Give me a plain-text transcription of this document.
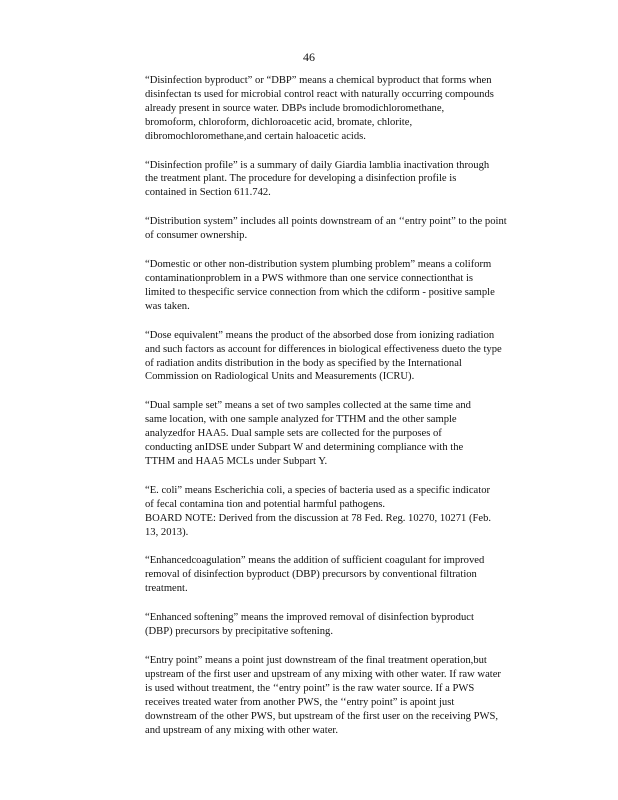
46
“Disinfection byproduct” or “DBP” means a chemical byproduct that forms when
disinfectan ts used for microbial control react with naturally occurring compounds
already present in source water. DBPs include bromodichloromethane,
bromoform, chloroform, dichloroacetic acid, bromate, chlorite,
dibromochloromethane,and certain haloacetic acids.
“Disinfection profile” is a summary of daily Giardia lamblia inactivation through
the treatment plant. The procedure for developing a disinfection profile is
contained in Section 611.742.
“Distribution system” includes all points downstream of an ‘‘entry point” to the point
of consumer ownership.
“Domestic or other non-distribution system plumbing problem” means a coliform
contaminationproblem in a PWS withmore than one service connectionthat is
limited to thespecific service connection from which the cdiform - positive sample
was taken.
“Dose equivalent” means the product of the absorbed dose from ionizing radiation
and such factors as account for differences in biological effectiveness dueto the type
of radiation andits distribution in the body as specified by the International
Commission on Radiological Units and Measurements (ICRU).
“Dual sample set” means a set of two samples collected at the same time and
same location, with one sample analyzed for TTHM and the other sample
analyzedfor HAA5. Dual sample sets are collected for the purposes of
conducting anIDSE under Subpart W and determining compliance with the
TTHM and HAA5 MCLs under Subpart Y.
“E. coli” means Escherichia coli, a species of bacteria used as a specific indicator
of fecal contamina tion and potential harmful pathogens.
BOARD NOTE: Derived from the discussion at 78 Fed. Reg. 10270, 10271 (Feb.
13, 2013).
“Enhancedcoagulation” means the addition of sufficient coagulant for improved
removal of disinfection byproduct (DBP) precursors by conventional filtration
treatment.
“Enhanced softening” means the improved removal of disinfection byproduct
(DBP) precursors by precipitative softening.
“Entry point” means a point just downstream of the final treatment operation,but
upstream of the first user and upstream of any mixing with other water. If raw water
is used without treatment, the ‘‘entry point” is the raw water source. If a PWS
receives treated water from another PWS, the ‘‘entry point” is apoint just
downstream of the other PWS, but upstream of the first user on the receiving PWS,
and upstream of any mixing with other water.
